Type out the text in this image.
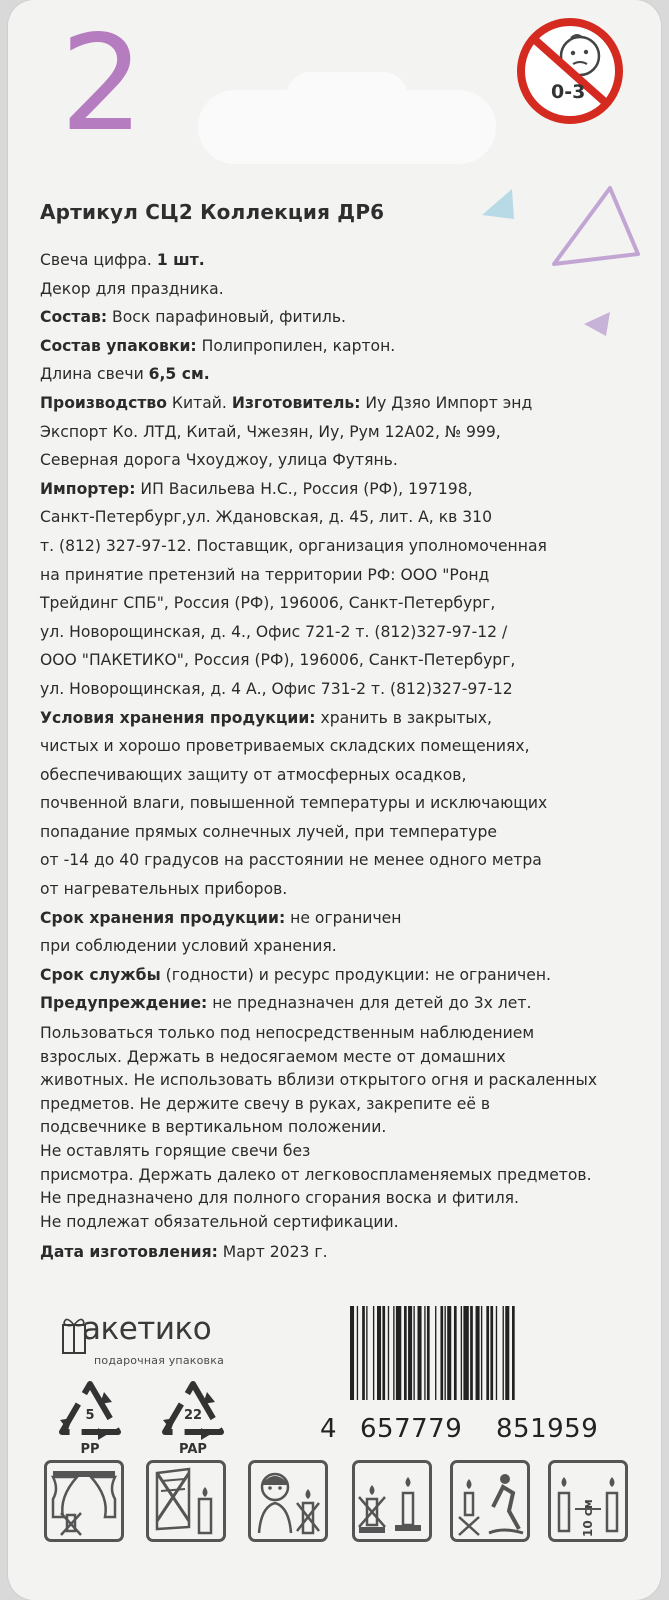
2	0-3
Артикул СЦ2 Коллекция ДР6
Свеча цифра. 1 шт.
Декор для праздника.
Состав: Воск парафиновый, фитиль.
Состав упаковки: Полипропилен, картон.
Длина свечи 6,5 см.
Производство Китай. Изготовитель: Иу Дзяо Импорт энд
Экспорт Ко. ЛТД, Китай, Чжезян, Иу, Рум 12А02, № 999,
Северная дорога Чхоуджоу, улица Футянь.
Импортер: ИП Васильева Н.С., Россия (РФ), 197198,
Санкт-Петербург,ул. Ждановская, д. 45, лит. А, кв 310
т. (812) 327-97-12. Поставщик, организация уполномоченная
на принятие претензий на территории РФ: ООО "Ронд
Трейдинг СПБ", Россия (РФ), 196006, Санкт-Петербург,
ул. Новорощинская, д. 4., Офис 721-2 т. (812)327-97-12 /
ООО "ПАКЕТИКО", Россия (РФ), 196006, Санкт-Петербург,
ул. Новорощинская, д. 4 А., Офис 731-2 т. (812)327-97-12
Условия хранения продукции: хранить в закрытых,
чистых и хорошо проветриваемых складских помещениях,
обеспечивающих защиту от атмосферных осадков,
почвенной влаги, повышенной температуры и исключающих
попадание прямых солнечных лучей, при температуре
от -14 до 40 градусов на расстоянии не менее одного метра
от нагревательных приборов.
Срок хранения продукции: не ограничен
при соблюдении условий хранения.
Срок службы (годности) и ресурс продукции: не ограничен.
Предупреждение: не предназначен для детей до 3х лет.
Пользоваться только под непосредственным наблюдением
взрослых. Держать в недосягаемом месте от домашних
животных. Не использовать вблизи открытого огня и раскаленных
предметов. Не держите свечу в руках, закрепите её в
подсвечнике в вертикальном положении.
Не оставлять горящие свечи без
присмотра. Держать далеко от легковоспламеняемых предметов.
Не предназначено для полного сгорания воска и фитиля.
Не подлежат обязательной сертификации.
Дата изготовления: Март 2023 г.
акетико
подарочная упаковка
5
PP
22
PAP
4 657779 851959
10 см
